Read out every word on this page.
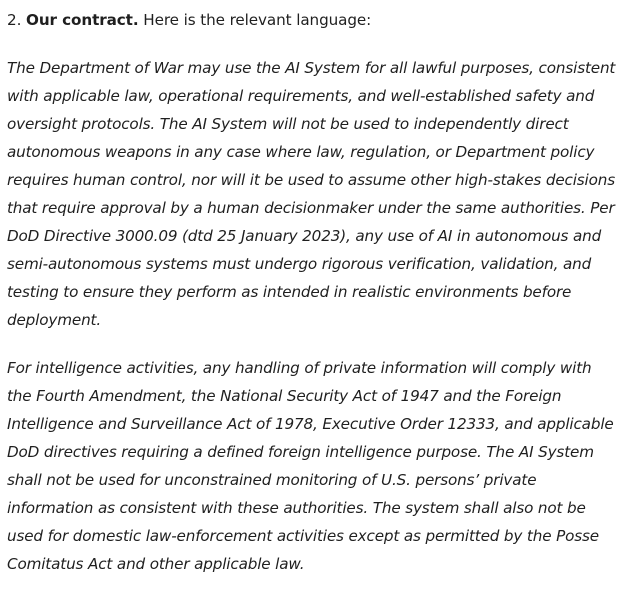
2. Our contract. Here is the relevant language:

The Department of War may use the AI System for all lawful purposes, consistent with applicable law, operational requirements, and well-established safety and oversight protocols. The AI System will not be used to independently direct autonomous weapons in any case where law, regulation, or Department policy requires human control, nor will it be used to assume other high-stakes decisions that require approval by a human decisionmaker under the same authorities. Per DoD Directive 3000.09 (dtd 25 January 2023), any use of AI in autonomous and semi-autonomous systems must undergo rigorous verification, validation, and testing to ensure they perform as intended in realistic environments before deployment.

For intelligence activities, any handling of private information will comply with the Fourth Amendment, the National Security Act of 1947 and the Foreign Intelligence and Surveillance Act of 1978, Executive Order 12333, and applicable DoD directives requiring a defined foreign intelligence purpose. The AI System shall not be used for unconstrained monitoring of U.S. persons’ private information as consistent with these authorities. The system shall also not be used for domestic law-enforcement activities except as permitted by the Posse Comitatus Act and other applicable law.
